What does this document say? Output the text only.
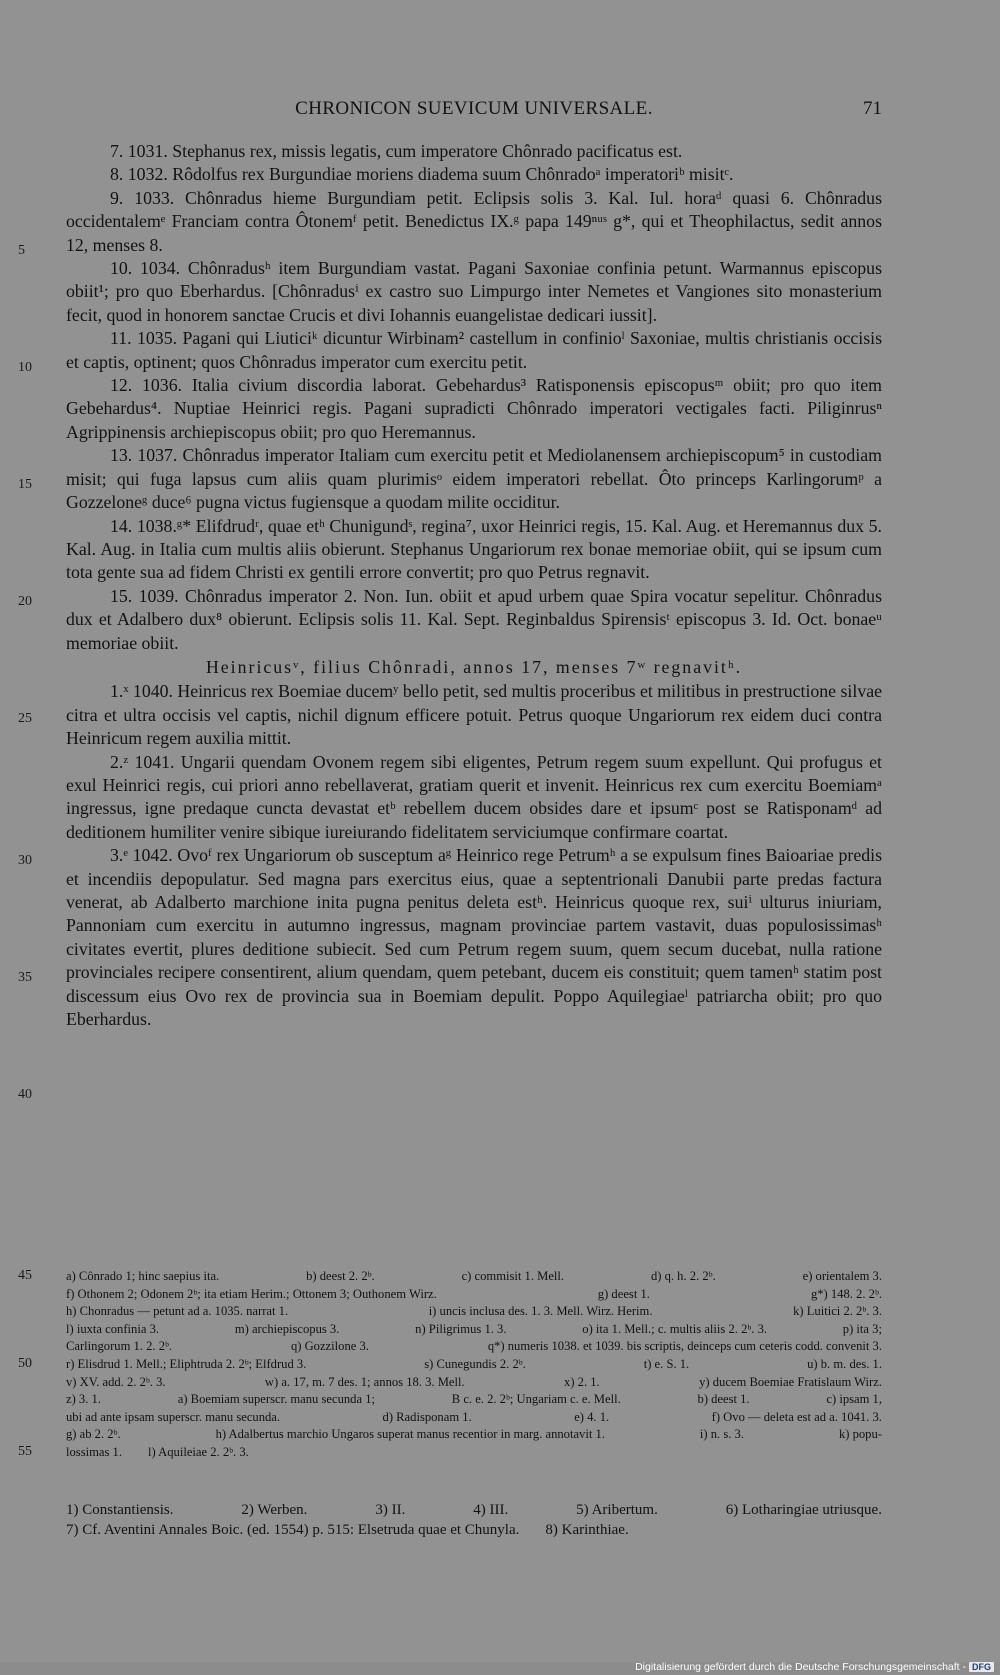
CHRONICON SUEVICUM UNIVERSALE.	71
5
10
15
20
25
30
35
40
45
50
55

7. 1031. Stephanus rex, missis legatis, cum imperatore Chônrado pacificatus est.

8. 1032. Rôdolfus rex Burgundiae moriens diadema suum Chônradoᵃ imperatoriᵇ misitᶜ.

9. 1033. Chônradus hieme Burgundiam petit. Eclipsis solis 3. Kal. Iul. horaᵈ quasi 6. Chônradus occidentalemᵉ Franciam contra Ôtonemᶠ petit. Benedictus IX.ᵍ papa 149ⁿᵘˢ g*, qui et Theophilactus, sedit annos 12, menses 8.

10. 1034. Chônradusʰ item Burgundiam vastat. Pagani Saxoniae confinia petunt. Warmannus episcopus obiit¹; pro quo Eberhardus. [Chônradusⁱ ex castro suo Limpurgo inter Nemetes et Vangiones sito monasterium fecit, quod in honorem sanctae Crucis et divi Iohannis euangelistae dedicari iussit].

11. 1035. Pagani qui Liuticiᵏ dicuntur Wirbinam² castellum in confinioˡ Saxoniae, multis christianis occisis et captis, optinent; quos Chônradus imperator cum exercitu petit.

12. 1036. Italia civium discordia laborat. Gebehardus³ Ratisponensis episcopusᵐ obiit; pro quo item Gebehardus⁴. Nuptiae Heinrici regis. Pagani supradicti Chônrado imperatori vectigales facti. Piliginrusⁿ Agrippinensis archiepiscopus obiit; pro quo Heremannus.

13. 1037. Chônradus imperator Italiam cum exercitu petit et Mediolanensem archiepiscopum⁵ in custodiam misit; qui fuga lapsus cum aliis quam plurimisᵒ eidem imperatori rebellat. Ôto princeps Karlingorumᵖ a Gozzeloneᵍ duce⁶ pugna victus fugiensque a quodam milite occiditur.

14. 1038.ᵍ* Elifdrudʳ, quae etʰ Chunigundˢ, regina⁷, uxor Heinrici regis, 15. Kal. Aug. et Heremannus dux 5. Kal. Aug. in Italia cum multis aliis obierunt. Stephanus Ungariorum rex bonae memoriae obiit, qui se ipsum cum tota gente sua ad fidem Christi ex gentili errore convertit; pro quo Petrus regnavit.

15. 1039. Chônradus imperator 2. Non. Iun. obiit et apud urbem quae Spira vocatur sepelitur. Chônradus dux et Adalbero dux⁸ obierunt. Eclipsis solis 11. Kal. Sept. Reginbaldus Spirensisᵗ episcopus 3. Id. Oct. bonaeᵘ memoriae obiit.

Heinricusᵛ, filius Chônradi, annos 17, menses 7ʷ regnavitʰ.

1.ˣ 1040. Heinricus rex Boemiae ducemʸ bello petit, sed multis proceribus et militibus in prestructione silvae citra et ultra occisis vel captis, nichil dignum efficere potuit. Petrus quoque Ungariorum rex eidem duci contra Heinricum regem auxilia mittit.

2.ᶻ 1041. Ungarii quendam Ovonem regem sibi eligentes, Petrum regem suum expellunt. Qui profugus et exul Heinrici regis, cui priori anno rebellaverat, gratiam querit et invenit. Heinricus rex cum exercitu Boemiamᵃ ingressus, igne predaque cuncta devastat etᵇ rebellem ducem obsides dare et ipsumᶜ post se Ratisponamᵈ ad deditionem humiliter venire sibique iureiurando fidelitatem serviciumque confirmare coartat.

3.ᵉ 1042. Ovoᶠ rex Ungariorum ob susceptum aᵍ Heinrico rege Petrumʰ a se expulsum fines Baioariae predis et incendiis depopulatur. Sed magna pars exercitus eius, quae a septentrionali Danubii parte predas factura venerat, ab Adalberto marchione inita pugna penitus deleta estʰ. Heinricus quoque rex, suiⁱ ulturus iniuriam, Pannoniam cum exercitu in autumno ingressus, magnam provinciae partem vastavit, duas populosissimasʰ civitates evertit, plures deditione subiecit. Sed cum Petrum regem suum, quem secum ducebat, nulla ratione provinciales recipere consentirent, alium quendam, quem petebant, ducem eis constituit; quem tamenʰ statim post discessum eius Ovo rex de provincia sua in Boemiam depulit. Poppo Aquilegiaeˡ patriarcha obiit; pro quo Eberhardus.

a) Cônrado 1; hinc saepius ita.	b) deest 2. 2ᵇ.	c) commisit 1. Mell.	d) q. h. 2. 2ᵇ.	e) orientalem 3.
f) Othonem 2; Odonem 2ᵇ; ita etiam Herim.; Ottonem 3; Outhonem Wirz.	g) deest 1.	g*) 148. 2. 2ᵇ.
h) Chonradus — petunt ad a. 1035. narrat 1.	i) uncis inclusa des. 1. 3. Mell. Wirz. Herim.	k) Luitici 2. 2ᵇ. 3.
l) iuxta confinia 3.	m) archiepiscopus 3.	n) Piligrimus 1. 3.	o) ita 1. Mell.; c. multis aliis 2. 2ᵇ. 3.	p) ita 3;
Carlingorum 1. 2. 2ᵇ.	q) Gozzilone 3.	q*) numeris 1038. et 1039. bis scriptis, deinceps cum ceteris codd. convenit 3.
r) Elisdrud 1. Mell.; Eliphtruda 2. 2ᵇ; Elfdrud 3.	s) Cunegundis 2. 2ᵇ.	t) e. S. 1.	u) b. m. des. 1.
v) XV. add. 2. 2ᵇ. 3.	w) a. 17, m. 7 des. 1; annos 18. 3. Mell.	x) 2. 1.	y) ducem Boemiae Fratislaum Wirz.
z) 3. 1.	a) Boemiam superscr. manu secunda 1;	B c. e. 2. 2ᵇ; Ungariam c. e. Mell.	b) deest 1.	c) ipsam 1,
ubi ad ante ipsam superscr. manu secunda.	d) Radisponam 1.	e) 4. 1.	f) Ovo — deleta est ad a. 1041. 3.
g) ab 2. 2ᵇ.	h) Adalbertus marchio Ungaros superat manus recentior in marg. annotavit 1.	i) n. s. 3.	k) popu-
lossimas 1. l) Aquileiae 2. 2ᵇ. 3.
1) Constantiensis.	2) Werben.	3) II.	4) III.	5) Aribertum.	6) Lotharingiae utriusque.
7) Cf. Aventini Annales Boic. (ed. 1554) p. 515: Elsetruda quae et Chunyla. 8) Karinthiae.
Digitalisierung gefördert durch die Deutsche Forschungsgemeinschaft - DFG
